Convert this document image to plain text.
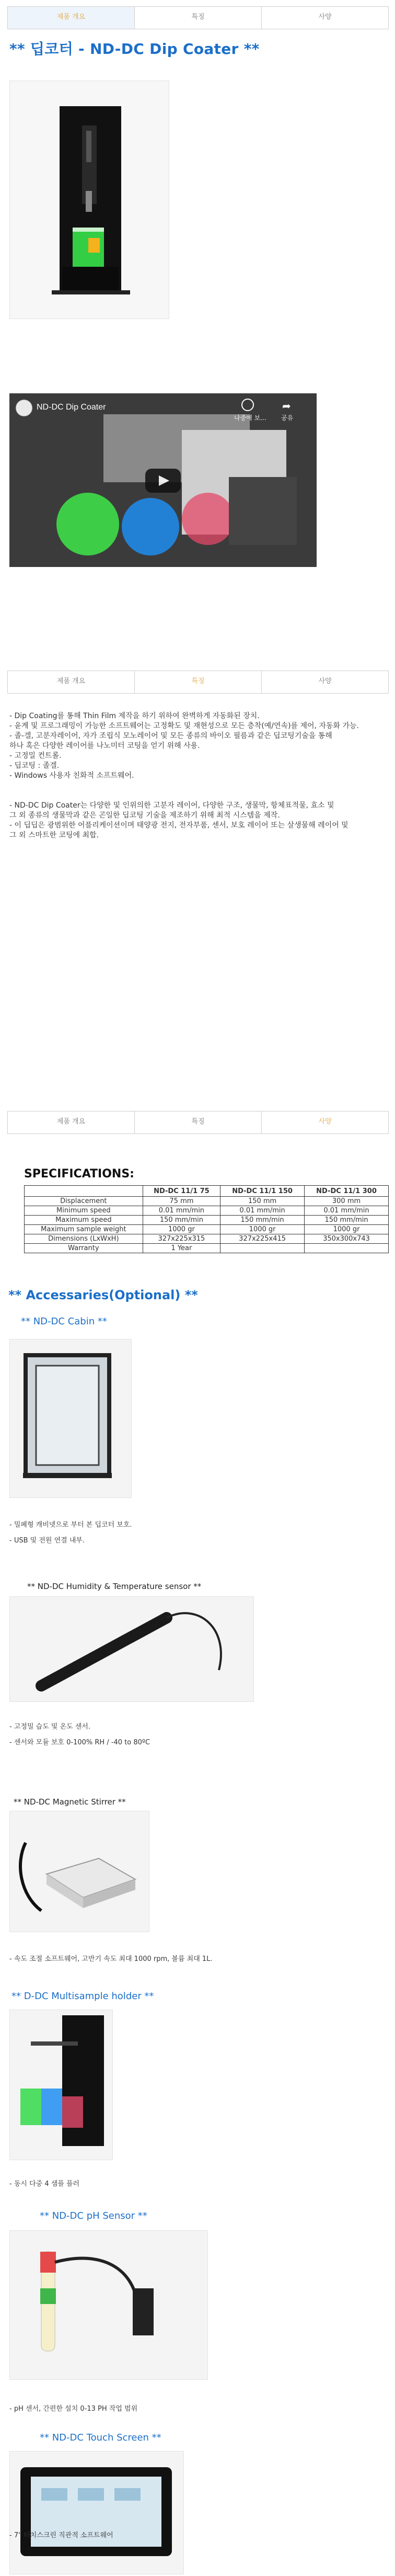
제품 개요	특징	사양
** 딥코터 - ND-DC Dip Coater **
ND-DC Dip Coater
나중에 보...
➦
공유
제품 개요	특징	사양
- Dip Coating를 통해 Thin Film 제작을 하기 위하여 완벽하게 자동화된 장치.
- 윤계 및 프로그래밍이 가능한 소프트웨어는 고정확도 및 재현성으로 모든 층착(예/연속)를 제어, 자동화 가능.
- 졸-겔, 고분자레이어, 자가 조립식 모노레이어 및 모든 종류의 바이오 필름과 같은 딥코팅기술을 통해
하나 혹은 다양한 레이어를 나노미터 코팅을 얻기 위해 사용.
- 고정밀 컨트롤.
- 딥코팅 : 졸겔.
- Windows 사용자 친화적 소프트웨어.
- ND-DC Dip Coater는 다양한 및 인위의한 고분자 레이어, 다양한 구조, 생물막, 항체표적물, 효소 및
그 외 종류의 생물막과 같은 곤일한 딥코팅 기술을 제조하기 위해 최적 시스템을 제작.
- 이 딥딥은 광범위한 어플리케이션이며 태양광 전지, 전자부품, 센서, 보호 레이어 또는 살생물해 레이어 및
그 외 스마트한 코팅에 최합.
제품 개요	특징	사양
SPECIFICATIONS:
	ND-DC 11/1 75	ND-DC 11/1 150	ND-DC 11/1 300
Displacement	75 mm	150 mm	300 mm
Minimum speed	0.01 mm/min	0.01 mm/min	0.01 mm/min
Maximum speed	150 mm/min	150 mm/min	150 mm/min
Maximum sample weight	1000 gr	1000 gr	1000 gr
Dimensions (LxWxH)	327x225x315	327x225x415	350x300x743
Warranty	1 Year		
** Accessaries(Optional) **
** ND-DC Cabin **
- 밀폐형 캐비넷으로 부터 본 딥코터 보호.
- USB 및 전원 연결 내부.
** ND-DC Humidity & Temperature sensor **
- 고정밀 습도 및 온도 센서.
- 센서와 모듈 보호 0-100% RH / -40 to 80ºC
** ND-DC Magnetic Stirrer **
- 속도 조절 소프트웨어, 고반기 속도 최대 1000 rpm, 볼륨 최대 1L.
** D-DC Multisample holder **
- 동시 다중 4 샘플 플러
** ND-DC pH Sensor **
- pH 센서, 간편한 설치 0-13 PH 작업 범위
** ND-DC Touch Screen **
- 7" 터치스크린 직관적 소프트웨어
